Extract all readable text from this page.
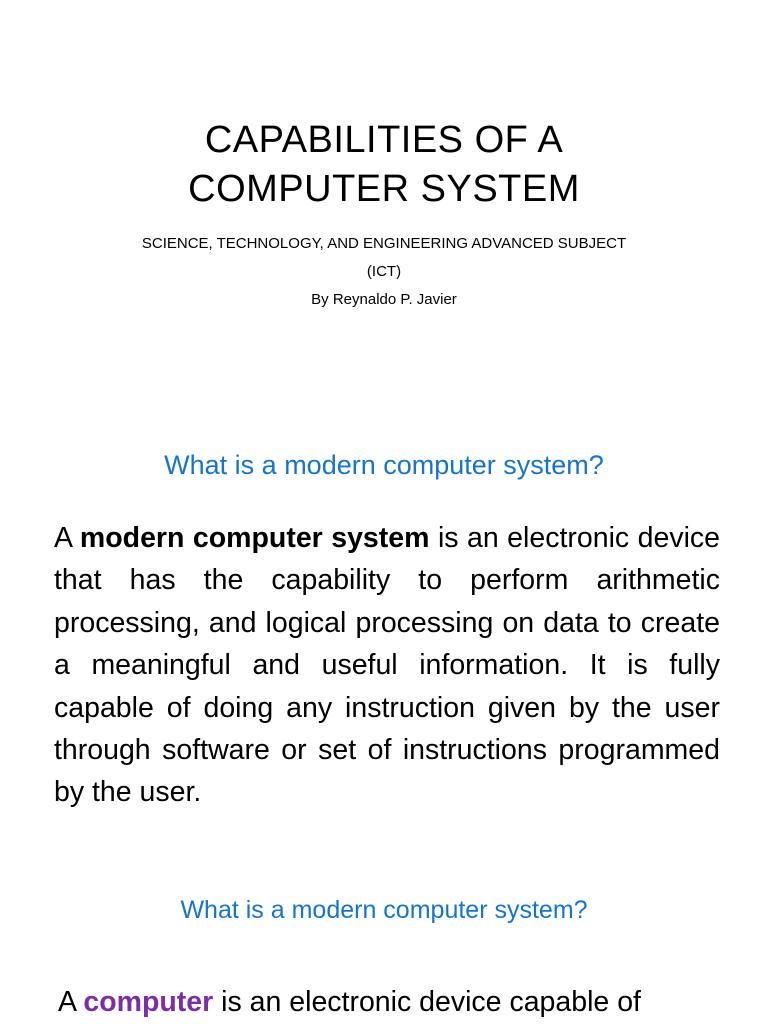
CAPABILITIES OF A
COMPUTER SYSTEM
SCIENCE, TECHNOLOGY, AND ENGINEERING ADVANCED SUBJECT
(ICT)
By Reynaldo P. Javier
What is a modern computer system?

A modern computer system is an electronic device that has the capability to perform arithmetic processing, and logical processing on data to create a meaningful and useful information. It is fully capable of doing any instruction given by the user through software or set of instructions programmed by the user.

What is a modern computer system?

A computer is an electronic device capable of
